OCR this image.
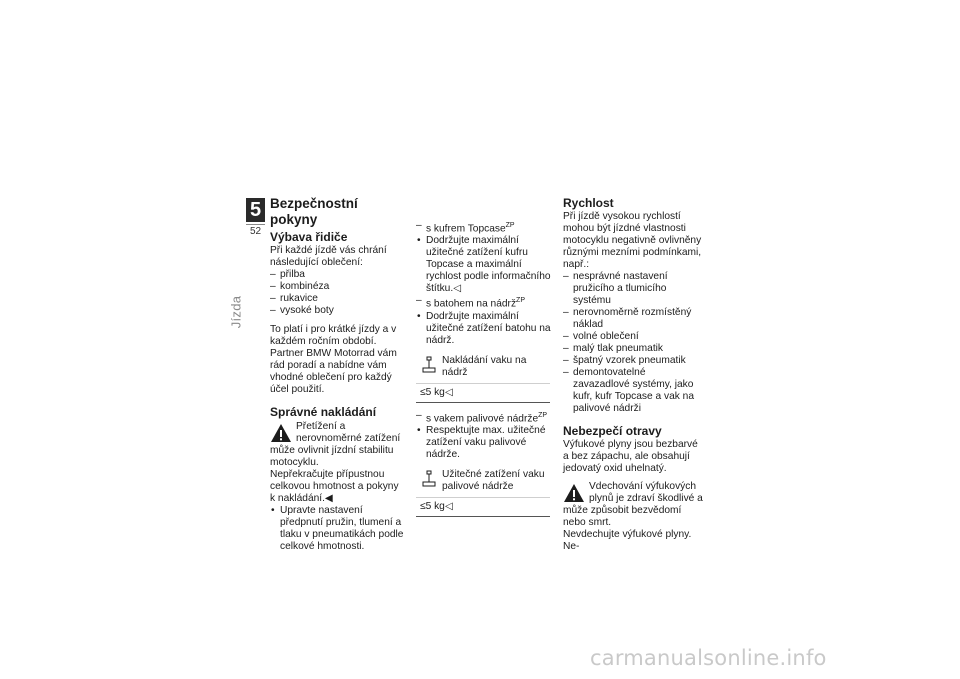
5
52
Jízda
Bezpečnostní pokyny
Výbava řidiče

Při každé jízdě vás chrání následující oblečení:

– přilba
– kombinéza
– rukavice
– vysoké boty

To platí i pro krátké jízdy a v každém ročním období. Partner BMW Motorrad vám rád poradí a nabídne vám vhodné oblečení pro každý účel použití.

Správné nakládání

Přetížení a nerovnoměrné zatížení může ovlivnit jízdní stabilitu motocyklu.

Nepřekračujte přípustnou celkovou hmotnost a pokyny k nakládání.◀

• Upravte nastavení předpnutí pružin, tlumení a tlaku v pneumatikách podle celkové hmotnosti.
– s kufrem Topcase$^{ZP}$
• Dodržujte maximální užitečné zatížení kufru Topcase a maximální rychlost podle informačního štítku.◁
– s batohem na nádrž$^{ZP}$
• Dodržujte maximální užitečné zatížení batohu na nádrž.
Nakládání vaku na nádrž
≤5 kg◁
– s vakem palivové nádrže$^{ZP}$
• Respektujte max. užitečné zatížení vaku palivové nádrže.
Užitečné zatížení vaku palivové nádrže
≤5 kg◁
Rychlost

Při jízdě vysokou rychlostí mohou být jízdné vlastnosti motocyklu negativně ovlivněny různými mezními podmínkami, např.:

– nesprávné nastavení pružicího a tlumicího systému
– nerovnoměrně rozmístěný náklad
– volné oblečení
– malý tlak pneumatik
– špatný vzorek pneumatik
– demontovatelné zavazadlové systémy, jako kufr, kufr Topcase a vak na palivové nádrži
Nebezpečí otravy

Výfukové plyny jsou bezbarvé a bez zápachu, ale obsahují jedovatý oxid uhelnatý.

Vdechování výfukových plynů je zdraví škodlivé a může způsobit bezvědomí nebo smrt.

Nevdechujte výfukové plyny. Ne-

carmanualsonline.info
